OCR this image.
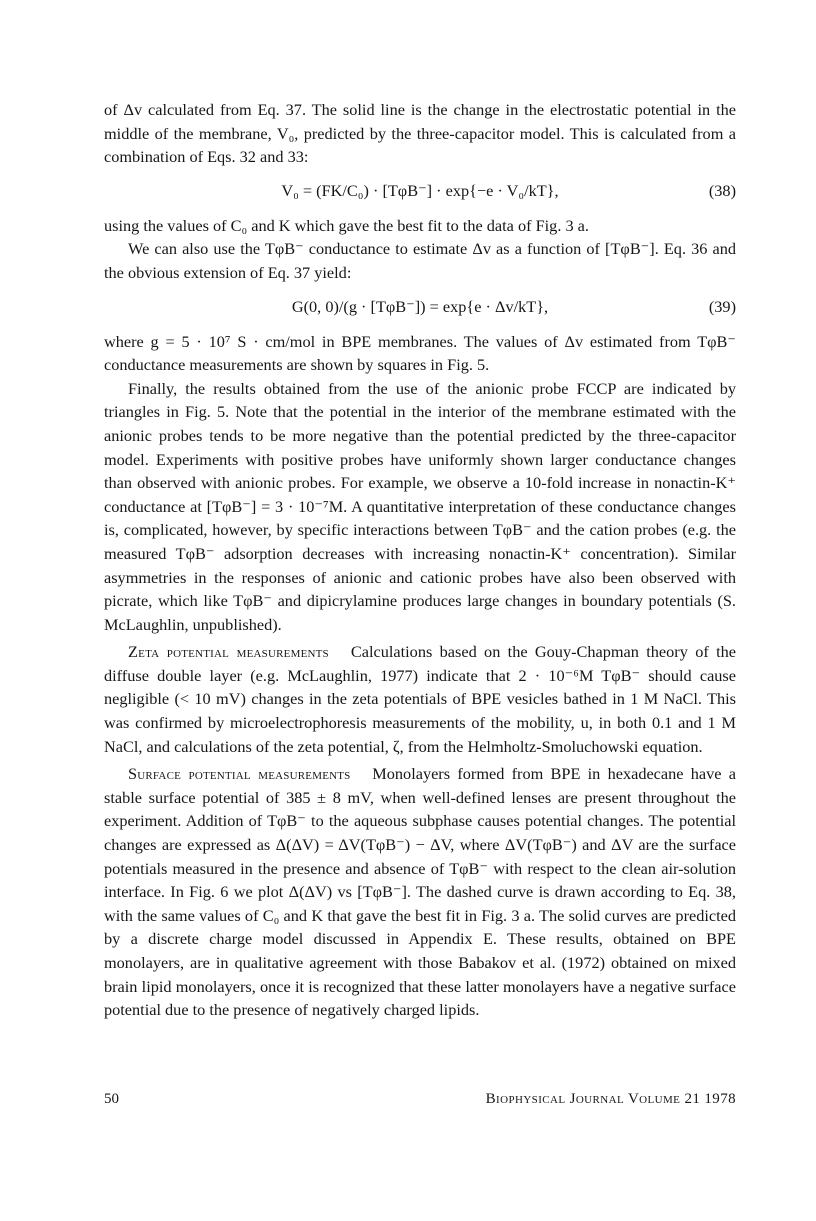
of Δv calculated from Eq. 37. The solid line is the change in the electrostatic potential in the middle of the membrane, V₀, predicted by the three-capacitor model. This is calculated from a combination of Eqs. 32 and 33:

V₀ = (FK/C₀) · [TφB⁻] · exp{−e · V₀/kT},	(38)

using the values of C₀ and K which gave the best fit to the data of Fig. 3 a.

We can also use the TφB⁻ conductance to estimate Δv as a function of [TφB⁻]. Eq. 36 and the obvious extension of Eq. 37 yield:

G(0, 0)/(g · [TφB⁻]) = exp{e · Δv/kT},	(39)

where g = 5 · 10⁷ S · cm/mol in BPE membranes. The values of Δv estimated from TφB⁻ conductance measurements are shown by squares in Fig. 5.

Finally, the results obtained from the use of the anionic probe FCCP are indicated by triangles in Fig. 5. Note that the potential in the interior of the membrane estimated with the anionic probes tends to be more negative than the potential predicted by the three-capacitor model. Experiments with positive probes have uniformly shown larger conductance changes than observed with anionic probes. For example, we observe a 10-fold increase in nonactin-K⁺ conductance at [TφB⁻] = 3 · 10⁻⁷M. A quantitative interpretation of these conductance changes is, complicated, however, by specific interactions between TφB⁻ and the cation probes (e.g. the measured TφB⁻ adsorption decreases with increasing nonactin-K⁺ concentration). Similar asymmetries in the responses of anionic and cationic probes have also been observed with picrate, which like TφB⁻ and dipicrylamine produces large changes in boundary potentials (S. McLaughlin, unpublished).

Zeta potential measurements Calculations based on the Gouy-Chapman theory of the diffuse double layer (e.g. McLaughlin, 1977) indicate that 2 · 10⁻⁶M TφB⁻ should cause negligible (< 10 mV) changes in the zeta potentials of BPE vesicles bathed in 1 M NaCl. This was confirmed by microelectrophoresis measurements of the mobility, u, in both 0.1 and 1 M NaCl, and calculations of the zeta potential, ζ, from the Helmholtz-Smoluchowski equation.

Surface potential measurements Monolayers formed from BPE in hexadecane have a stable surface potential of 385 ± 8 mV, when well-defined lenses are present throughout the experiment. Addition of TφB⁻ to the aqueous subphase causes potential changes. The potential changes are expressed as Δ(ΔV) = ΔV(TφB⁻) − ΔV, where ΔV(TφB⁻) and ΔV are the surface potentials measured in the presence and absence of TφB⁻ with respect to the clean air-solution interface. In Fig. 6 we plot Δ(ΔV) vs [TφB⁻]. The dashed curve is drawn according to Eq. 38, with the same values of C₀ and K that gave the best fit in Fig. 3 a. The solid curves are predicted by a discrete charge model discussed in Appendix E. These results, obtained on BPE monolayers, are in qualitative agreement with those Babakov et al. (1972) obtained on mixed brain lipid monolayers, once it is recognized that these latter monolayers have a negative surface potential due to the presence of negatively charged lipids.

50	Biophysical Journal Volume 21 1978
